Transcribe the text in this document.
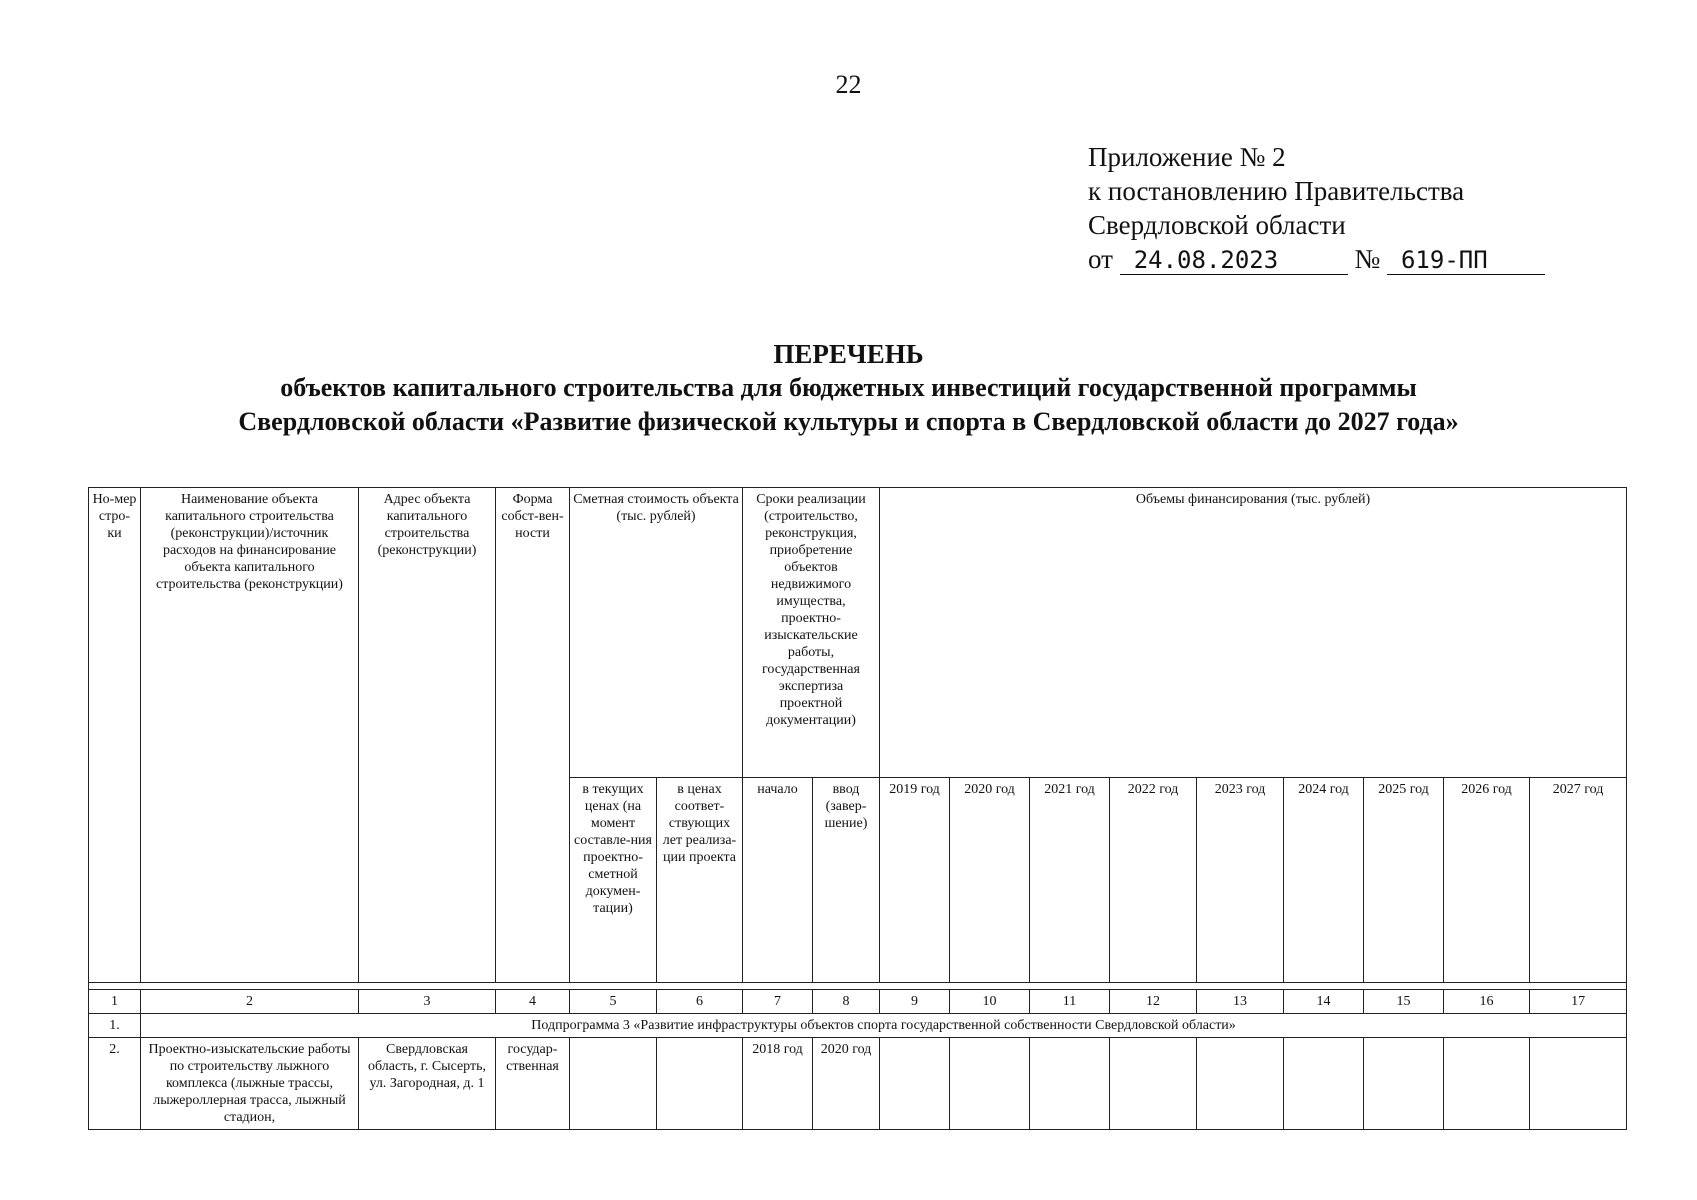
22
Приложение № 2
к постановлению Правительства
Свердловской области
от 24.08.2023	№ 619-ПП
ПЕРЕЧЕНЬ
объектов капитального строительства для бюджетных инвестиций государственной программы
Свердловской области «Развитие физической культуры и спорта в Свердловской области до 2027 года»
Но-мер стро-ки	Наименование объекта капитального строительства (реконструкции)/источник расходов на финансирование объекта капитального строительства (реконструкции)	Адрес объекта капитального строительства (реконструкции)	Форма собст-вен-ности	Сметная стоимость объекта (тыс. рублей)		Сроки реализации (строительство, реконструкция, приобретение объектов недвижимого имущества, проектно-изыскательские работы, государственная экспертиза проектной документации)		Объемы финансирования (тыс. рублей)								
				в текущих ценах (на момент составле-ния проектно-сметной докумен-тации)	в ценах соответ-ствующих лет реализа-ции проекта	начало	ввод (завер-шение)	2019 год	2020 год	2021 год	2022 год	2023 год	2024 год	2025 год	2026 год	2027 год

1	2	3	4	5	6	7	8	9	10	11	12	13	14	15	16	17
1.	Подпрограмма 3 «Развитие инфраструктуры объектов спорта государственной собственности Свердловской области»															
2.	Проектно-изыскательские работы по строительству лыжного комплекса (лыжные трассы, лыжероллерная трасса, лыжный стадион,	Свердловская область, г. Сысерть, ул. Загородная, д. 1	государ-ственная			2018 год	2020 год									
